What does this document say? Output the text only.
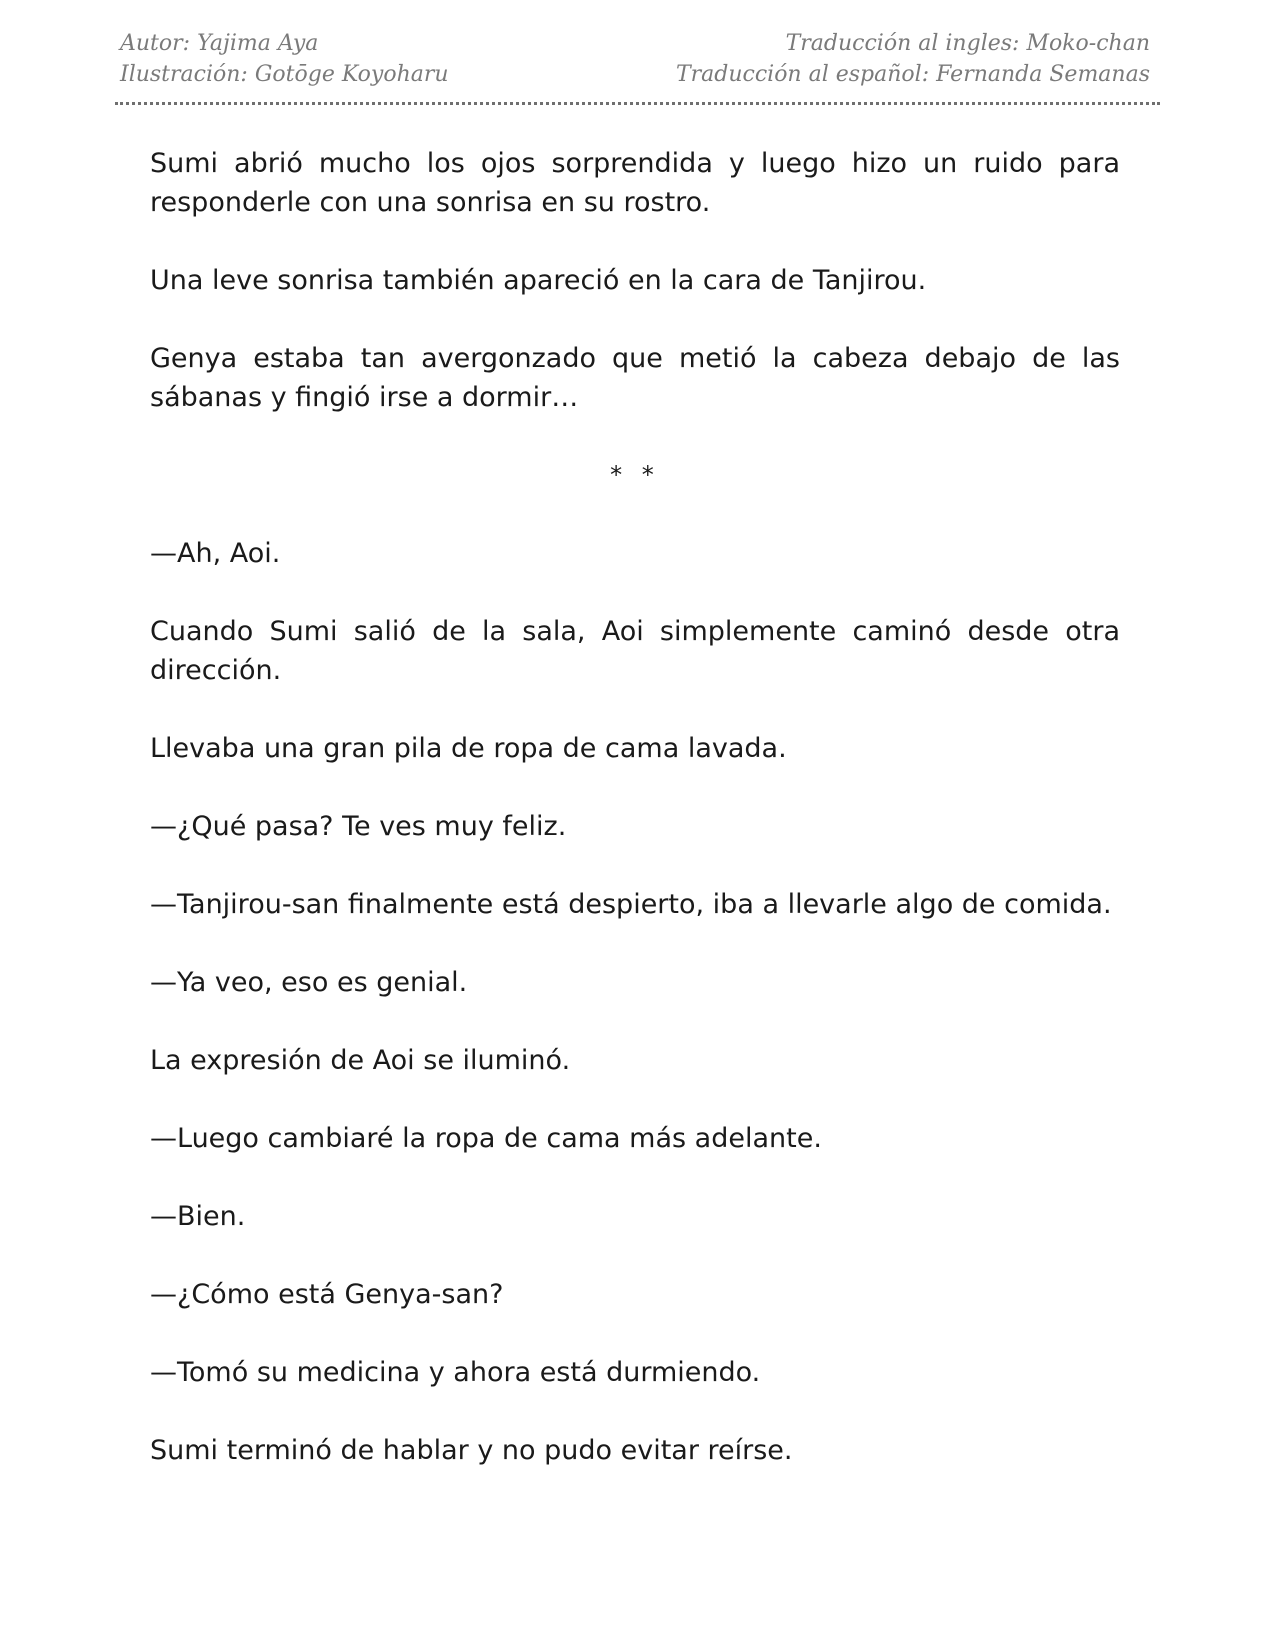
Autor: Yajima Aya
Ilustración: Gotōge Koyoharu
Traducción al ingles: Moko-chan
Traducción al español: Fernanda Semanas

Sumi abrió mucho los ojos sorprendida y luego hizo un ruido para responderle con una sonrisa en su rostro.

Una leve sonrisa también apareció en la cara de Tanjirou.

Genya estaba tan avergonzado que metió la cabeza debajo de las sábanas y fingió irse a dormir…

* *

—Ah, Aoi.

Cuando Sumi salió de la sala, Aoi simplemente caminó desde otra dirección.

Llevaba una gran pila de ropa de cama lavada.

—¿Qué pasa? Te ves muy feliz.

—Tanjirou-san finalmente está despierto, iba a llevarle algo de comida.

—Ya veo, eso es genial.

La expresión de Aoi se iluminó.

—Luego cambiaré la ropa de cama más adelante.

—Bien.

—¿Cómo está Genya-san?

—Tomó su medicina y ahora está durmiendo.

Sumi terminó de hablar y no pudo evitar reírse.
